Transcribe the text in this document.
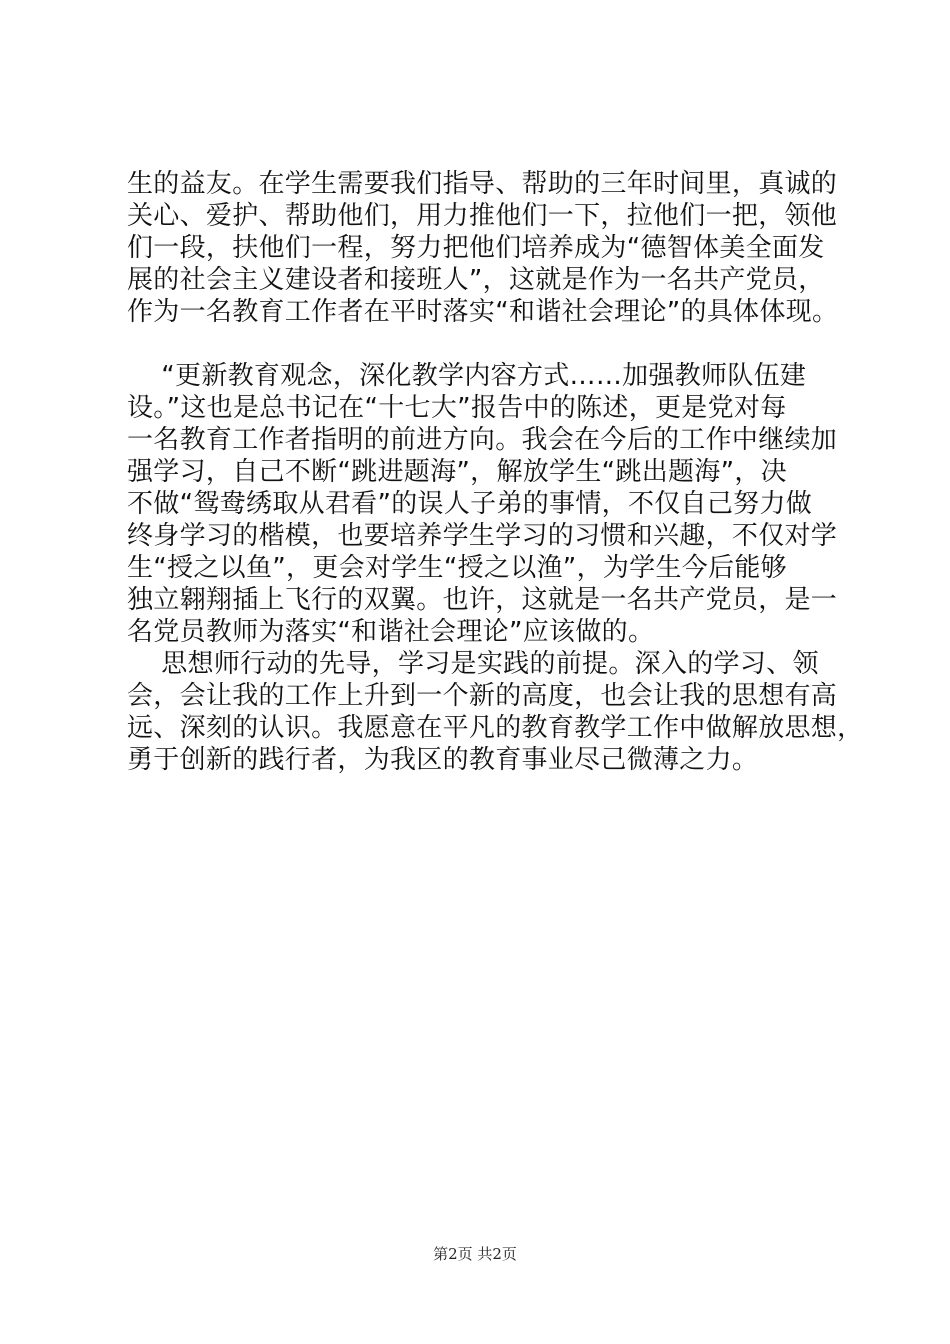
生的益友。在学生需要我们指导、帮助的三年时间里，真诚的
关心、爱护、帮助他们，用力推他们一下，拉他们一把，领他
们一段，扶他们一程，努力把他们培养成为“德智体美全面发
展的社会主义建设者和接班人”，这就是作为一名共产党员，
作为一名教育工作者在平时落实“和谐社会理论”的具体体现。
“更新教育观念，深化教学内容方式……加强教师队伍建
设。”这也是总书记在“十七大”报告中的陈述，更是党对每
一名教育工作者指明的前进方向。我会在今后的工作中继续加
强学习，自己不断“跳进题海”，解放学生“跳出题海”，决
不做“鸳鸯绣取从君看”的误人子弟的事情，不仅自己努力做
终身学习的楷模，也要培养学生学习的习惯和兴趣，不仅对学
生“授之以鱼”，更会对学生“授之以渔”，为学生今后能够
独立翱翔插上飞行的双翼。也许，这就是一名共产党员，是一
名党员教师为落实“和谐社会理论”应该做的。
思想师行动的先导，学习是实践的前提。深入的学习、领
会，会让我的工作上升到一个新的高度，也会让我的思想有高
远、深刻的认识。我愿意在平凡的教育教学工作中做解放思想，
勇于创新的践行者，为我区的教育事业尽己微薄之力。
第2页 共2页
